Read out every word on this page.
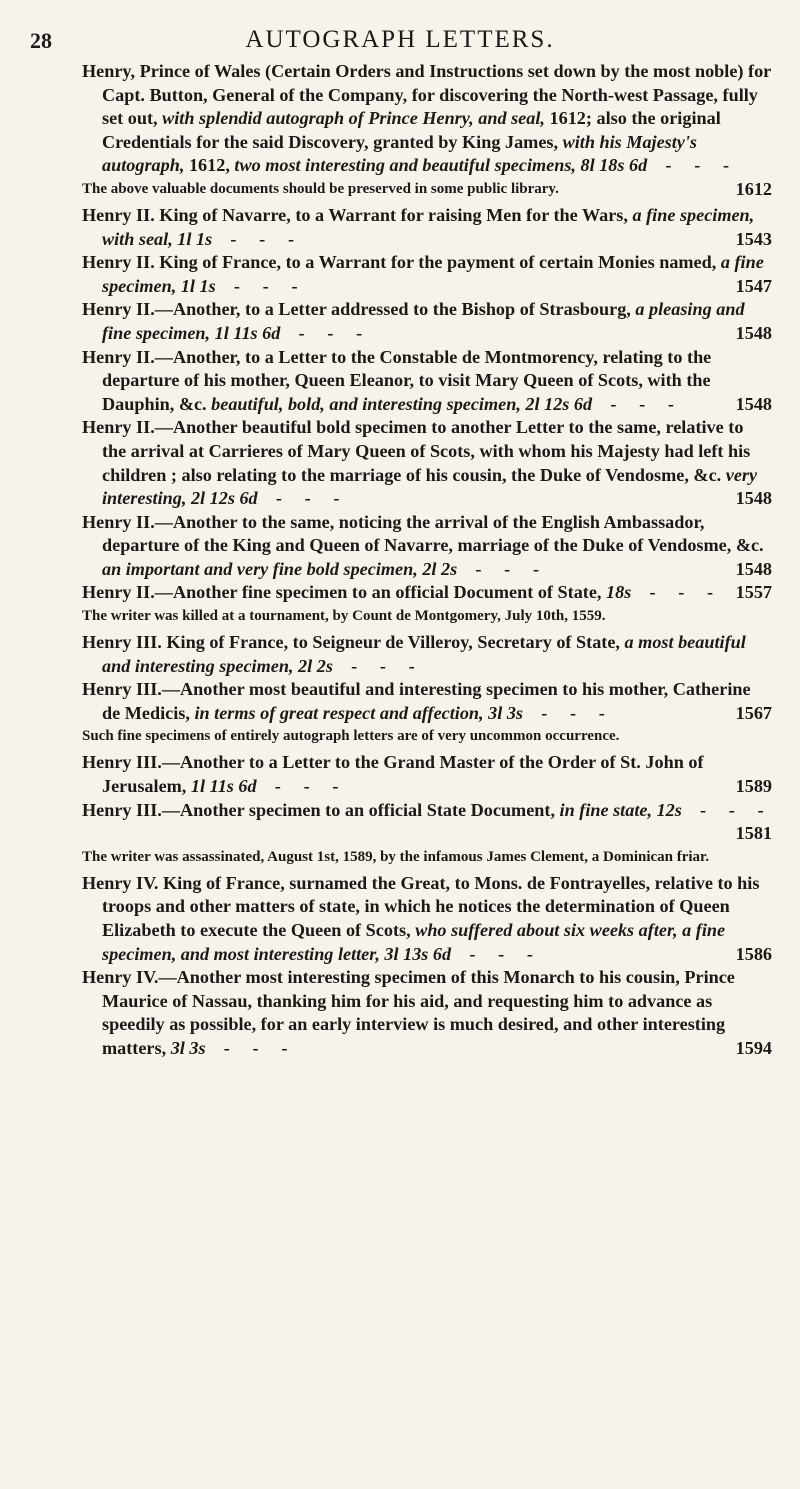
28	AUTOGRAPH LETTERS.

Henry, Prince of Wales (Certain Orders and Instructions set down by the most noble) for Capt. Button, General of the Company, for discovering the North-west Passage, fully set out, with splendid autograph of Prince Henry, and seal, 1612; also the original Credentials for the said Discovery, granted by King James, with his Majesty's autograph, 1612, two most interesting and beautiful specimens, 8l 18s 6d    -     -     -
1612

The above valuable documents should be preserved in some public library.

Henry II. King of Navarre, to a Warrant for raising Men for the Wars, a fine specimen, with seal, 1l 1s    -     -     -	1543

Henry II. King of France, to a Warrant for the payment of certain Monies named, a fine specimen, 1l 1s    -     -     -	1547

Henry II.—Another, to a Letter addressed to the Bishop of Strasbourg, a pleasing and fine specimen, 1l 11s 6d    -     -     -	1548

Henry II.—Another, to a Letter to the Constable de Montmorency, relating to the departure of his mother, Queen Eleanor, to visit Mary Queen of Scots, with the Dauphin, &c. beautiful, bold, and interesting specimen, 2l 12s 6d    -     -     -	1548

Henry II.—Another beautiful bold specimen to another Letter to the same, relative to the arrival at Carrieres of Mary Queen of Scots, with whom his Majesty had left his children ; also relating to the marriage of his cousin, the Duke of Vendosme, &c. very interesting, 2l 12s 6d    -     -     -	1548

Henry II.—Another to the same, noticing the arrival of the English Ambassador, departure of the King and Queen of Navarre, marriage of the Duke of Vendosme, &c. an important and very fine bold specimen, 2l 2s    -     -     -	1548

Henry II.—Another fine specimen to an official Document of State, 18s    -     -     - 1557

The writer was killed at a tournament, by Count de Montgomery, July 10th, 1559.

Henry III. King of France, to Seigneur de Villeroy, Secretary of State, a most beautiful and interesting specimen, 2l 2s    -     -     -

Henry III.—Another most beautiful and interesting specimen to his mother, Catherine de Medicis, in terms of great respect and affection, 3l 3s    -     -     -	1567

Such fine specimens of entirely autograph letters are of very uncommon occurrence.

Henry III.—Another to a Letter to the Grand Master of the Order of St. John of Jerusalem, 1l 11s 6d    -     -     -	1589

Henry III.—Another specimen to an official State Document, in fine state, 12s    -     -     -	1581

The writer was assassinated, August 1st, 1589, by the infamous James Clement, a Dominican friar.

Henry IV. King of France, surnamed the Great, to Mons. de Fontrayelles, relative to his troops and other matters of state, in which he notices the determination of Queen Elizabeth to execute the Queen of Scots, who suffered about six weeks after, a fine specimen, and most interesting letter, 3l 13s 6d    -     -     -	1586

Henry IV.—Another most interesting specimen of this Monarch to his cousin, Prince Maurice of Nassau, thanking him for his aid, and requesting him to advance as speedily as possible, for an early interview is much desired, and other interesting matters, 3l 3s    -     -     -	1594
